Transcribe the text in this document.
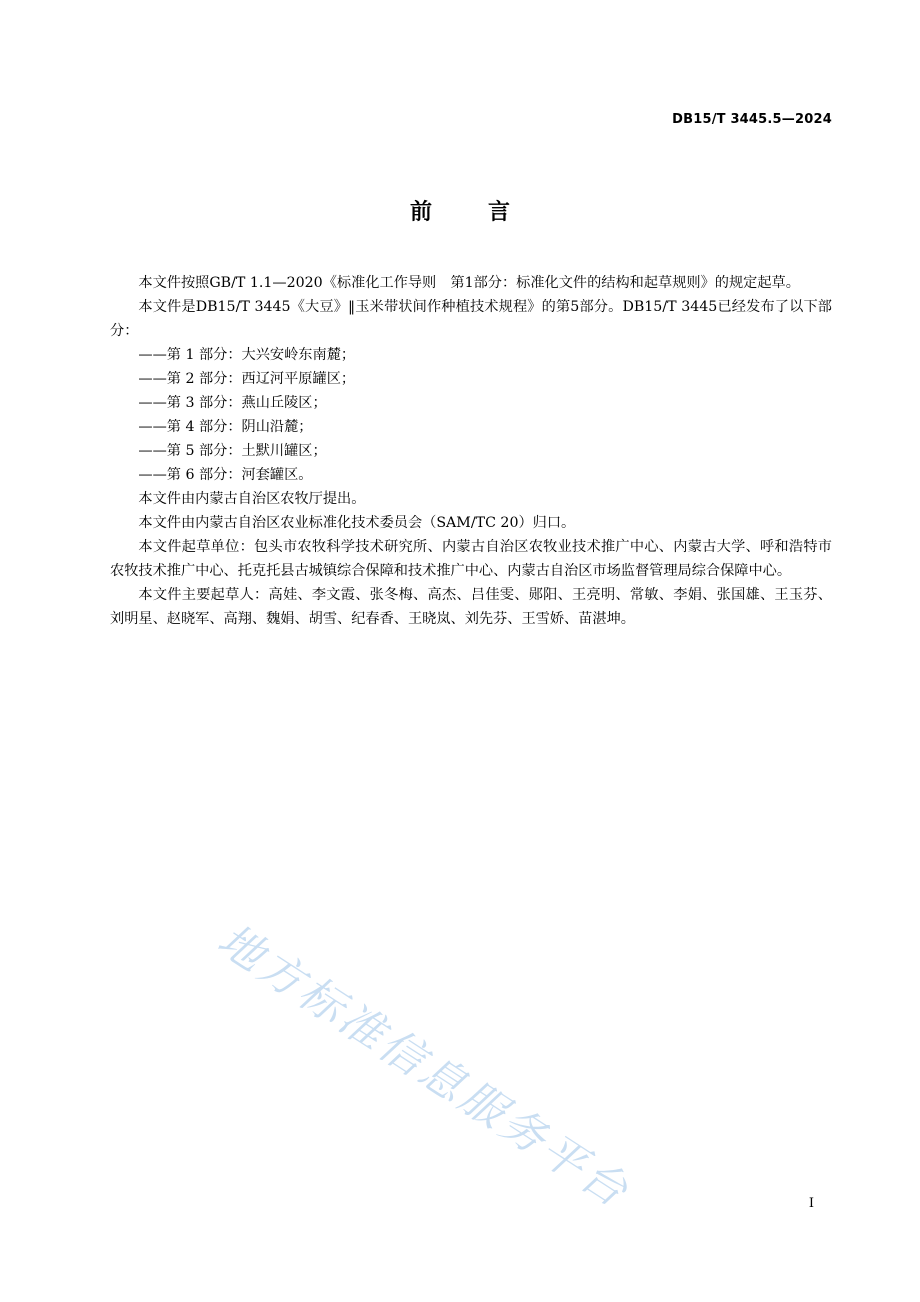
DB15/T 3445.5—2024
前	言

本文件按照GB/T 1.1—2020《标准化工作导则　第1部分：标准化文件的结构和起草规则》的规定起草。

本文件是DB15/T 3445《大豆》‖玉米带状间作种植技术规程》的第5部分。DB15/T 3445已经发布了以下部分：

——第 1 部分：大兴安岭东南麓；

——第 2 部分：西辽河平原罐区；

——第 3 部分：燕山丘陵区；

——第 4 部分：阴山沿麓；

——第 5 部分：土默川罐区；

——第 6 部分：河套罐区。

本文件由内蒙古自治区农牧厅提出。

本文件由内蒙古自治区农业标准化技术委员会（SAM/TC 20）归口。

本文件起草单位：包头市农牧科学技术研究所、内蒙古自治区农牧业技术推广中心、内蒙古大学、呼和浩特市农牧技术推广中心、托克托县古城镇综合保障和技术推广中心、内蒙古自治区市场监督管理局综合保障中心。

本文件主要起草人：高娃、李文霞、张冬梅、高杰、吕佳雯、郧阳、王亮明、常敏、李娟、张国雄、王玉芬、刘明星、赵晓军、高翔、魏娟、胡雪、纪春香、王晓岚、刘先芬、王雪娇、苗湛坤。

地方标准信息服务平台	I
